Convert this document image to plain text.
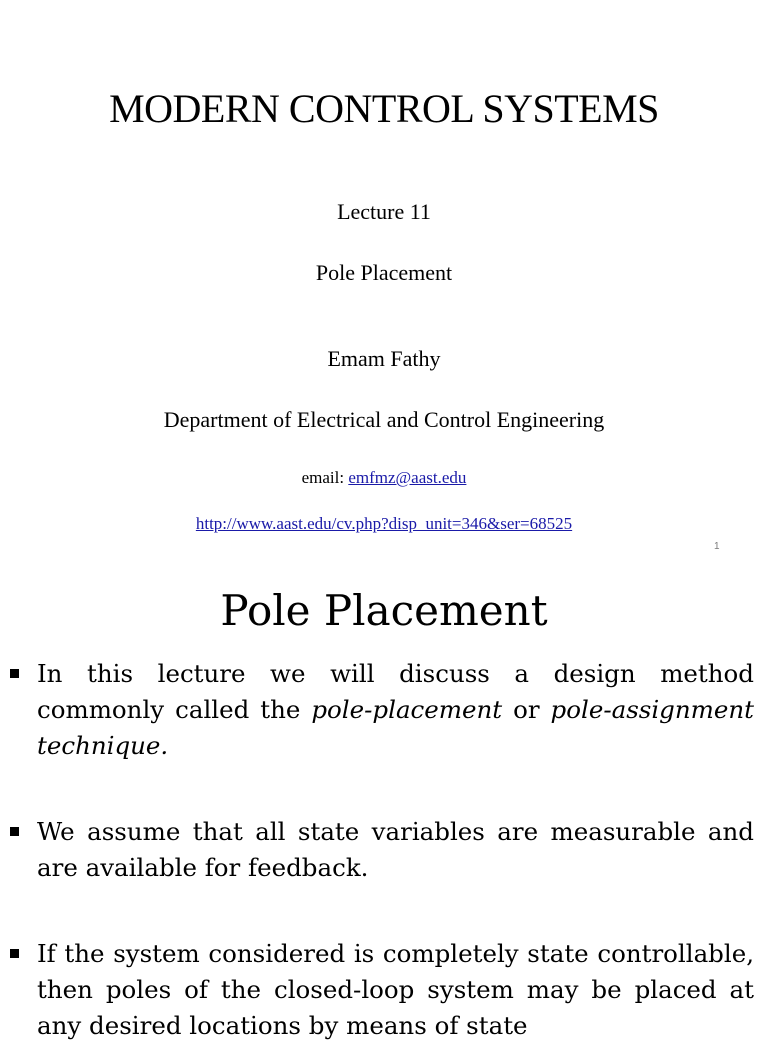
MODERN CONTROL SYSTEMS
Lecture 11
Pole Placement
Emam Fathy
Department of Electrical and Control Engineering
email: emfmz@aast.edu
http://www.aast.edu/cv.php?disp_unit=346&ser=68525
1
Pole Placement
In this lecture we will discuss a design method commonly called the pole-placement or pole-assignment technique.
We assume that all state variables are measurable and are available for feedback.
If the system considered is completely state controllable, then poles of the closed-loop system may be placed at any desired locations by means of state
